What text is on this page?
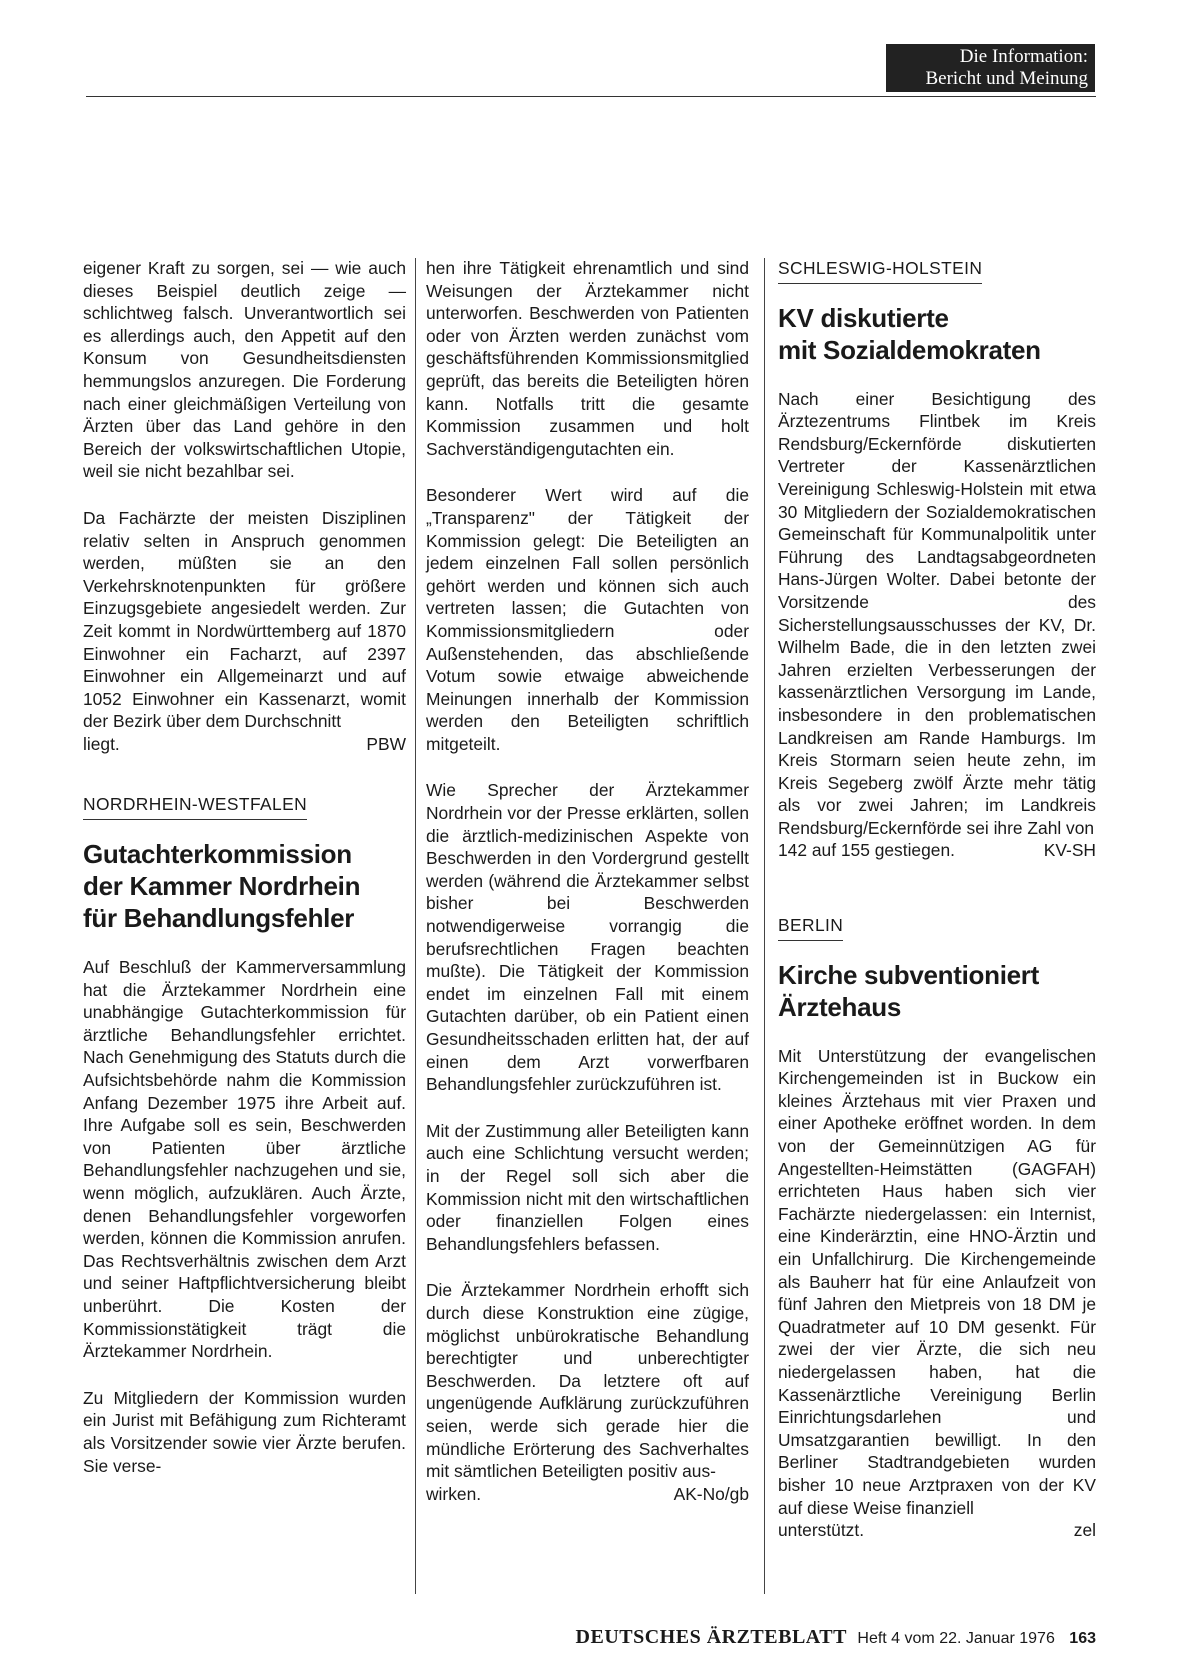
Die Information:
Bericht und Meinung

eigener Kraft zu sorgen, sei — wie auch dieses Beispiel deutlich zeige — schlichtweg falsch. Unverantwortlich sei es allerdings auch, den Appetit auf den Konsum von Gesundheitsdiensten hemmungslos anzuregen. Die Forderung nach einer gleichmäßigen Verteilung von Ärzten über das Land gehöre in den Bereich der volkswirtschaftlichen Utopie, weil sie nicht bezahlbar sei.

Da Fachärzte der meisten Disziplinen relativ selten in Anspruch genommen werden, müßten sie an den Verkehrsknotenpunkten für größere Einzugsgebiete angesiedelt werden. Zur Zeit kommt in Nordwürttemberg auf 1870 Einwohner ein Facharzt, auf 2397 Einwohner ein Allgemeinarzt und auf 1052 Einwohner ein Kassenarzt, womit der Bezirk über dem Durchschnitt
liegt.	PBW

NORDRHEIN-WESTFALEN
Gutachterkommission
der Kammer Nordrhein
für Behandlungsfehler

Auf Beschluß der Kammerversammlung hat die Ärztekammer Nordrhein eine unabhängige Gutachterkommission für ärztliche Behandlungsfehler errichtet. Nach Genehmigung des Statuts durch die Aufsichtsbehörde nahm die Kommission Anfang Dezember 1975 ihre Arbeit auf. Ihre Aufgabe soll es sein, Beschwerden von Patienten über ärztliche Behandlungsfehler nachzugehen und sie, wenn möglich, aufzuklären. Auch Ärzte, denen Behandlungsfehler vorgeworfen werden, können die Kommission anrufen. Das Rechtsverhältnis zwischen dem Arzt und seiner Haftpflichtversicherung bleibt unberührt. Die Kosten der Kommissionstätigkeit trägt die Ärztekammer Nordrhein.

Zu Mitgliedern der Kommission wurden ein Jurist mit Befähigung zum Richteramt als Vorsitzender sowie vier Ärzte berufen. Sie verse-

hen ihre Tätigkeit ehrenamtlich und sind Weisungen der Ärztekammer nicht unterworfen. Beschwerden von Patienten oder von Ärzten werden zunächst vom geschäftsführenden Kommissionsmitglied geprüft, das bereits die Beteiligten hören kann. Notfalls tritt die gesamte Kommission zusammen und holt Sachverständigengutachten ein.

Besonderer Wert wird auf die „Transparenz" der Tätigkeit der Kommission gelegt: Die Beteiligten an jedem einzelnen Fall sollen persönlich gehört werden und können sich auch vertreten lassen; die Gutachten von Kommissionsmitgliedern oder Außenstehenden, das abschließende Votum sowie etwaige abweichende Meinungen innerhalb der Kommission werden den Beteiligten schriftlich mitgeteilt.

Wie Sprecher der Ärztekammer Nordrhein vor der Presse erklärten, sollen die ärztlich-medizinischen Aspekte von Beschwerden in den Vordergrund gestellt werden (während die Ärztekammer selbst bisher bei Beschwerden notwendigerweise vorrangig die berufsrechtlichen Fragen beachten mußte). Die Tätigkeit der Kommission endet im einzelnen Fall mit einem Gutachten darüber, ob ein Patient einen Gesundheitsschaden erlitten hat, der auf einen dem Arzt vorwerfbaren Behandlungsfehler zurückzuführen ist.

Mit der Zustimmung aller Beteiligten kann auch eine Schlichtung versucht werden; in der Regel soll sich aber die Kommission nicht mit den wirtschaftlichen oder finanziellen Folgen eines Behandlungsfehlers befassen.

Die Ärztekammer Nordrhein erhofft sich durch diese Konstruktion eine zügige, möglichst unbürokratische Behandlung berechtigter und unberechtigter Beschwerden. Da letztere oft auf ungenügende Aufklärung zurückzuführen seien, werde sich gerade hier die mündliche Erörterung des Sachverhaltes mit sämtlichen Beteiligten positiv aus-
wirken.	AK-No/gb

SCHLESWIG-HOLSTEIN
KV diskutierte
mit Sozialdemokraten

Nach einer Besichtigung des Ärztezentrums Flintbek im Kreis Rendsburg/Eckernförde diskutierten Vertreter der Kassenärztlichen Vereinigung Schleswig-Holstein mit etwa 30 Mitgliedern der Sozialdemokratischen Gemeinschaft für Kommunalpolitik unter Führung des Landtagsabgeordneten Hans-Jürgen Wolter. Dabei betonte der Vorsitzende des Sicherstellungsausschusses der KV, Dr. Wilhelm Bade, die in den letzten zwei Jahren erzielten Verbesserungen der kassenärztlichen Versorgung im Lande, insbesondere in den problematischen Landkreisen am Rande Hamburgs. Im Kreis Stormarn seien heute zehn, im Kreis Segeberg zwölf Ärzte mehr tätig als vor zwei Jahren; im Landkreis Rendsburg/Eckernförde sei ihre Zahl von
142 auf 155 gestiegen.	KV-SH

BERLIN
Kirche subventioniert
Ärztehaus

Mit Unterstützung der evangelischen Kirchengemeinden ist in Buckow ein kleines Ärztehaus mit vier Praxen und einer Apotheke eröffnet worden. In dem von der Gemeinnützigen AG für Angestellten-Heimstätten (GAGFAH) errichteten Haus haben sich vier Fachärzte niedergelassen: ein Internist, eine Kinderärztin, eine HNO-Ärztin und ein Unfallchirurg. Die Kirchengemeinde als Bauherr hat für eine Anlaufzeit von fünf Jahren den Mietpreis von 18 DM je Quadratmeter auf 10 DM gesenkt. Für zwei der vier Ärzte, die sich neu niedergelassen haben, hat die Kassenärztliche Vereinigung Berlin Einrichtungsdarlehen und Umsatzgarantien bewilligt. In den Berliner Stadtrandgebieten wurden bisher 10 neue Arztpraxen von der KV auf diese Weise finanziell
unterstützt.	zel

DEUTSCHES ÄRZTEBLATT Heft 4 vom 22. Januar 1976 163
